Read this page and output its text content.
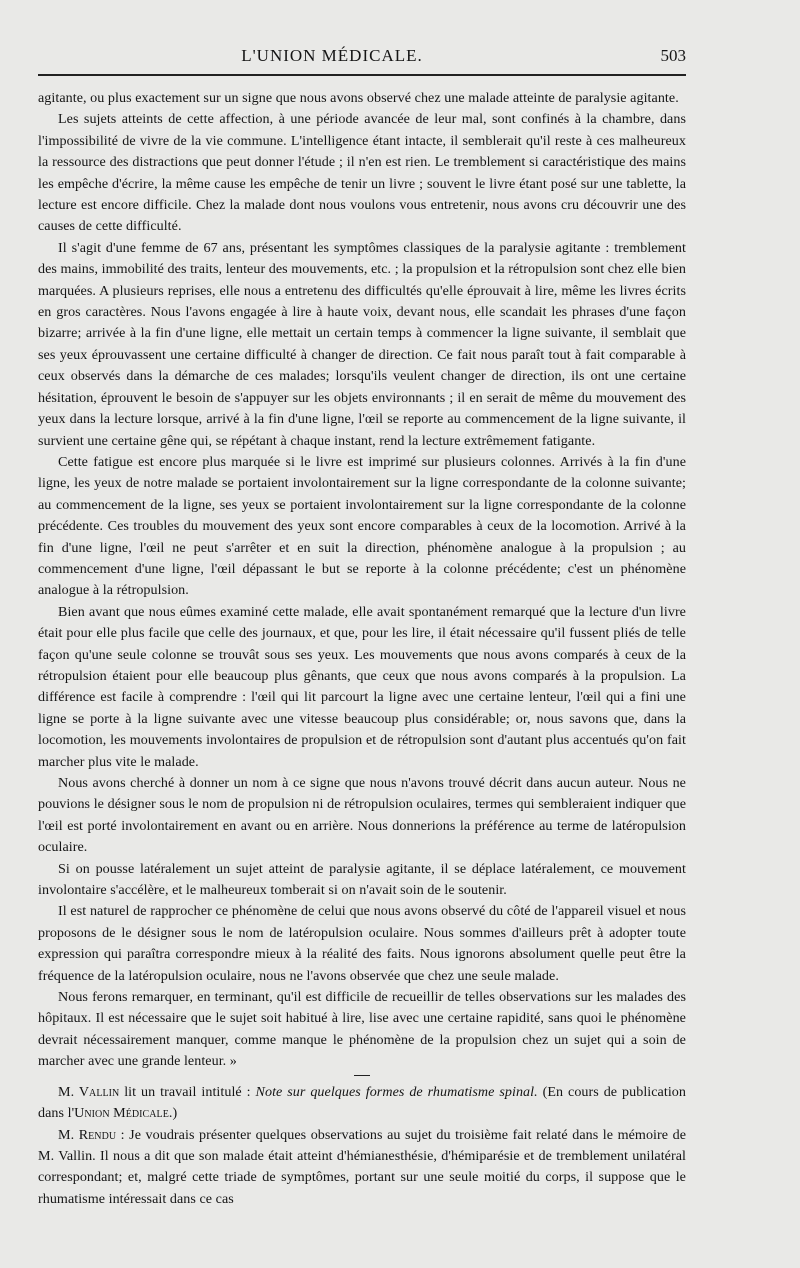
L'UNION MÉDICALE.	503

agitante, ou plus exactement sur un signe que nous avons observé chez une malade atteinte de paralysie agitante.

Les sujets atteints de cette affection, à une période avancée de leur mal, sont confinés à la chambre, dans l'impossibilité de vivre de la vie commune. L'intelligence étant intacte, il semblerait qu'il reste à ces malheureux la ressource des distractions que peut donner l'étude ; il n'en est rien. Le tremblement si caractéristique des mains les empêche d'écrire, la même cause les empêche de tenir un livre ; souvent le livre étant posé sur une tablette, la lecture est encore difficile. Chez la malade dont nous voulons vous entretenir, nous avons cru découvrir une des causes de cette difficulté.

Il s'agit d'une femme de 67 ans, présentant les symptômes classiques de la paralysie agitante : tremblement des mains, immobilité des traits, lenteur des mouvements, etc. ; la propulsion et la rétropulsion sont chez elle bien marquées. A plusieurs reprises, elle nous a entretenu des difficultés qu'elle éprouvait à lire, même les livres écrits en gros caractères. Nous l'avons engagée à lire à haute voix, devant nous, elle scandait les phrases d'une façon bizarre; arrivée à la fin d'une ligne, elle mettait un certain temps à commencer la ligne suivante, il semblait que ses yeux éprouvassent une certaine difficulté à changer de direction. Ce fait nous paraît tout à fait comparable à ceux observés dans la démarche de ces malades; lorsqu'ils veulent changer de direction, ils ont une certaine hésitation, éprouvent le besoin de s'appuyer sur les objets environnants ; il en serait de même du mouvement des yeux dans la lecture lorsque, arrivé à la fin d'une ligne, l'œil se reporte au commencement de la ligne suivante, il survient une certaine gêne qui, se répétant à chaque instant, rend la lecture extrêmement fatigante.

Cette fatigue est encore plus marquée si le livre est imprimé sur plusieurs colonnes. Arrivés à la fin d'une ligne, les yeux de notre malade se portaient involontairement sur la ligne correspondante de la colonne suivante; au commencement de la ligne, ses yeux se portaient involontairement sur la ligne correspondante de la colonne précédente. Ces troubles du mouvement des yeux sont encore comparables à ceux de la locomotion. Arrivé à la fin d'une ligne, l'œil ne peut s'arrêter et en suit la direction, phénomène analogue à la propulsion ; au commencement d'une ligne, l'œil dépassant le but se reporte à la colonne précédente; c'est un phénomène analogue à la rétropulsion.

Bien avant que nous eûmes examiné cette malade, elle avait spontanément remarqué que la lecture d'un livre était pour elle plus facile que celle des journaux, et que, pour les lire, il était nécessaire qu'il fussent pliés de telle façon qu'une seule colonne se trouvât sous ses yeux. Les mouvements que nous avons comparés à ceux de la rétropulsion étaient pour elle beaucoup plus gênants, que ceux que nous avons comparés à la propulsion. La différence est facile à comprendre : l'œil qui lit parcourt la ligne avec une certaine lenteur, l'œil qui a fini une ligne se porte à la ligne suivante avec une vitesse beaucoup plus considérable; or, nous savons que, dans la locomotion, les mouvements involontaires de propulsion et de rétropulsion sont d'autant plus accentués qu'on fait marcher plus vite le malade.

Nous avons cherché à donner un nom à ce signe que nous n'avons trouvé décrit dans aucun auteur. Nous ne pouvions le désigner sous le nom de propulsion ni de rétropulsion oculaires, termes qui sembleraient indiquer que l'œil est porté involontairement en avant ou en arrière. Nous donnerions la préférence au terme de latéropulsion oculaire.

Si on pousse latéralement un sujet atteint de paralysie agitante, il se déplace latéralement, ce mouvement involontaire s'accélère, et le malheureux tomberait si on n'avait soin de le soutenir.

Il est naturel de rapprocher ce phénomène de celui que nous avons observé du côté de l'appareil visuel et nous proposons de le désigner sous le nom de latéropulsion oculaire. Nous sommes d'ailleurs prêt à adopter toute expression qui paraîtra correspondre mieux à la réalité des faits. Nous ignorons absolument quelle peut être la fréquence de la latéropulsion oculaire, nous ne l'avons observée que chez une seule malade.

Nous ferons remarquer, en terminant, qu'il est difficile de recueillir de telles observations sur les malades des hôpitaux. Il est nécessaire que le sujet soit habitué à lire, lise avec une certaine rapidité, sans quoi le phénomène devrait nécessairement manquer, comme manque le phénomène de la propulsion chez un sujet qui a soin de marcher avec une grande lenteur. »

M. Vallin lit un travail intitulé : Note sur quelques formes de rhumatisme spinal. (En cours de publication dans l'Union Médicale.)

M. Rendu : Je voudrais présenter quelques observations au sujet du troisième fait relaté dans le mémoire de M. Vallin. Il nous a dit que son malade était atteint d'hémianesthésie, d'hémiparésie et de tremblement unilatéral correspondant; et, malgré cette triade de symptômes, portant sur une seule moitié du corps, il suppose que le rhumatisme intéressait dans ce cas
